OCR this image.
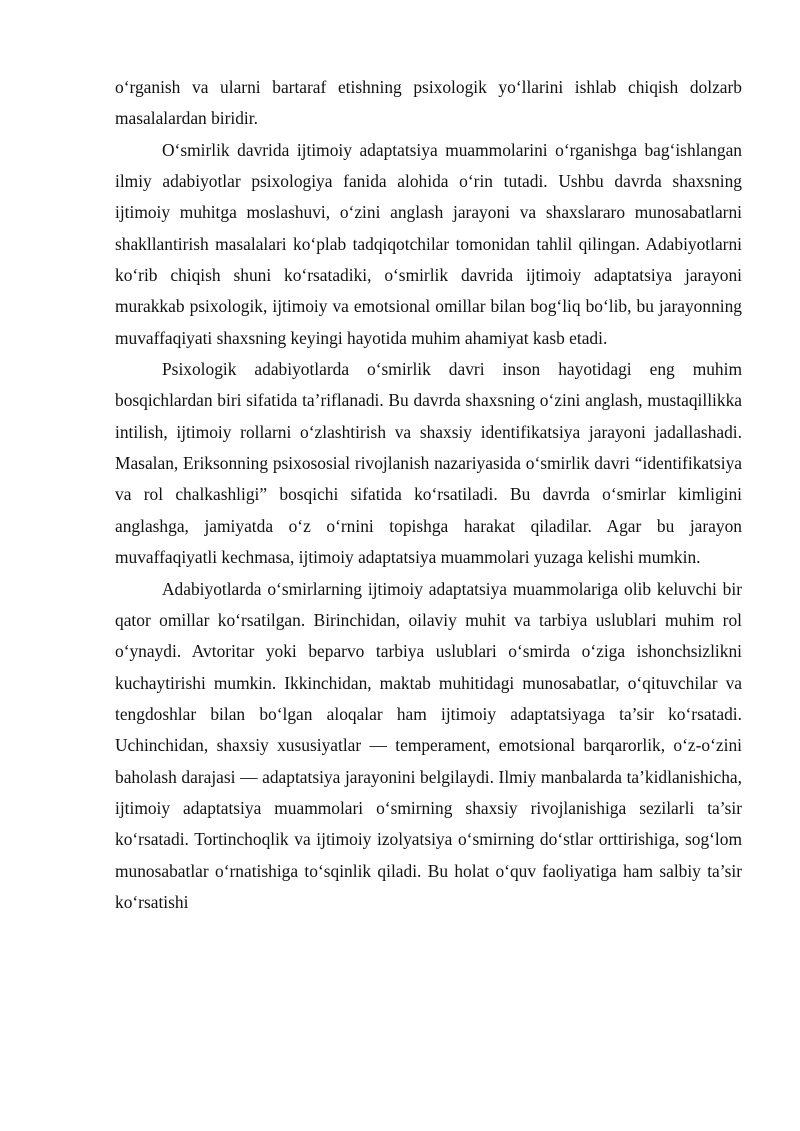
o‘rganish va ularni bartaraf etishning psixologik yo‘llarini ishlab chiqish dolzarb masalalardan biridir.

O‘smirlik davrida ijtimoiy adaptatsiya muammolarini o‘rganishga bag‘ishlangan ilmiy adabiyotlar psixologiya fanida alohida o‘rin tutadi. Ushbu davrda shaxsning ijtimoiy muhitga moslashuvi, o‘zini anglash jarayoni va shaxslararo munosabatlarni shakllantirish masalalari ko‘plab tadqiqotchilar tomonidan tahlil qilingan. Adabiyotlarni ko‘rib chiqish shuni ko‘rsatadiki, o‘smirlik davrida ijtimoiy adaptatsiya jarayoni murakkab psixologik, ijtimoiy va emotsional omillar bilan bog‘liq bo‘lib, bu jarayonning muvaffaqiyati shaxsning keyingi hayotida muhim ahamiyat kasb etadi.

Psixologik adabiyotlarda o‘smirlik davri inson hayotidagi eng muhim bosqichlardan biri sifatida ta’riflanadi. Bu davrda shaxsning o‘zini anglash, mustaqillikka intilish, ijtimoiy rollarni o‘zlashtirish va shaxsiy identifikatsiya jarayoni jadallashadi. Masalan, Eriksonning psixososial rivojlanish nazariyasida o‘smirlik davri “identifikatsiya va rol chalkashligi” bosqichi sifatida ko‘rsatiladi. Bu davrda o‘smirlar kimligini anglashga, jamiyatda o‘z o‘rnini topishga harakat qiladilar. Agar bu jarayon muvaffaqiyatli kechmasa, ijtimoiy adaptatsiya muammolari yuzaga kelishi mumkin.

Adabiyotlarda o‘smirlarning ijtimoiy adaptatsiya muammolariga olib keluvchi bir qator omillar ko‘rsatilgan. Birinchidan, oilaviy muhit va tarbiya uslublari muhim rol o‘ynaydi. Avtoritar yoki beparvo tarbiya uslublari o‘smirda o‘ziga ishonchsizlikni kuchaytirishi mumkin. Ikkinchidan, maktab muhitidagi munosabatlar, o‘qituvchilar va tengdoshlar bilan bo‘lgan aloqalar ham ijtimoiy adaptatsiyaga ta’sir ko‘rsatadi. Uchinchidan, shaxsiy xususiyatlar — temperament, emotsional barqarorlik, o‘z-o‘zini baholash darajasi — adaptatsiya jarayonini belgilaydi. Ilmiy manbalarda ta’kidlanishicha, ijtimoiy adaptatsiya muammolari o‘smirning shaxsiy rivojlanishiga sezilarli ta’sir ko‘rsatadi. Tortinchoqlik va ijtimoiy izolyatsiya o‘smirning do‘stlar orttirishiga, sog‘lom munosabatlar o‘rnatishiga to‘sqinlik qiladi. Bu holat o‘quv faoliyatiga ham salbiy ta’sir ko‘rsatishi
